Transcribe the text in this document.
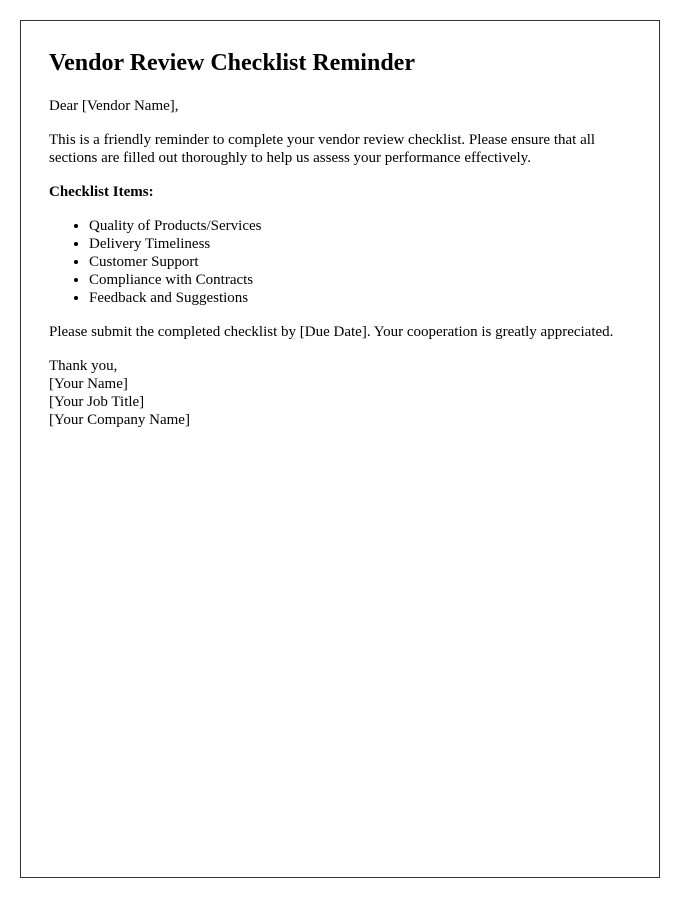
Vendor Review Checklist Reminder

Dear [Vendor Name],

This is a friendly reminder to complete your vendor review checklist. Please ensure that all sections are filled out thoroughly to help us assess your performance effectively.

Checklist Items:

• Quality of Products/Services
• Delivery Timeliness
• Customer Support
• Compliance with Contracts
• Feedback and Suggestions

Please submit the completed checklist by [Due Date]. Your cooperation is greatly appreciated.

Thank you,
[Your Name]
[Your Job Title]
[Your Company Name]
